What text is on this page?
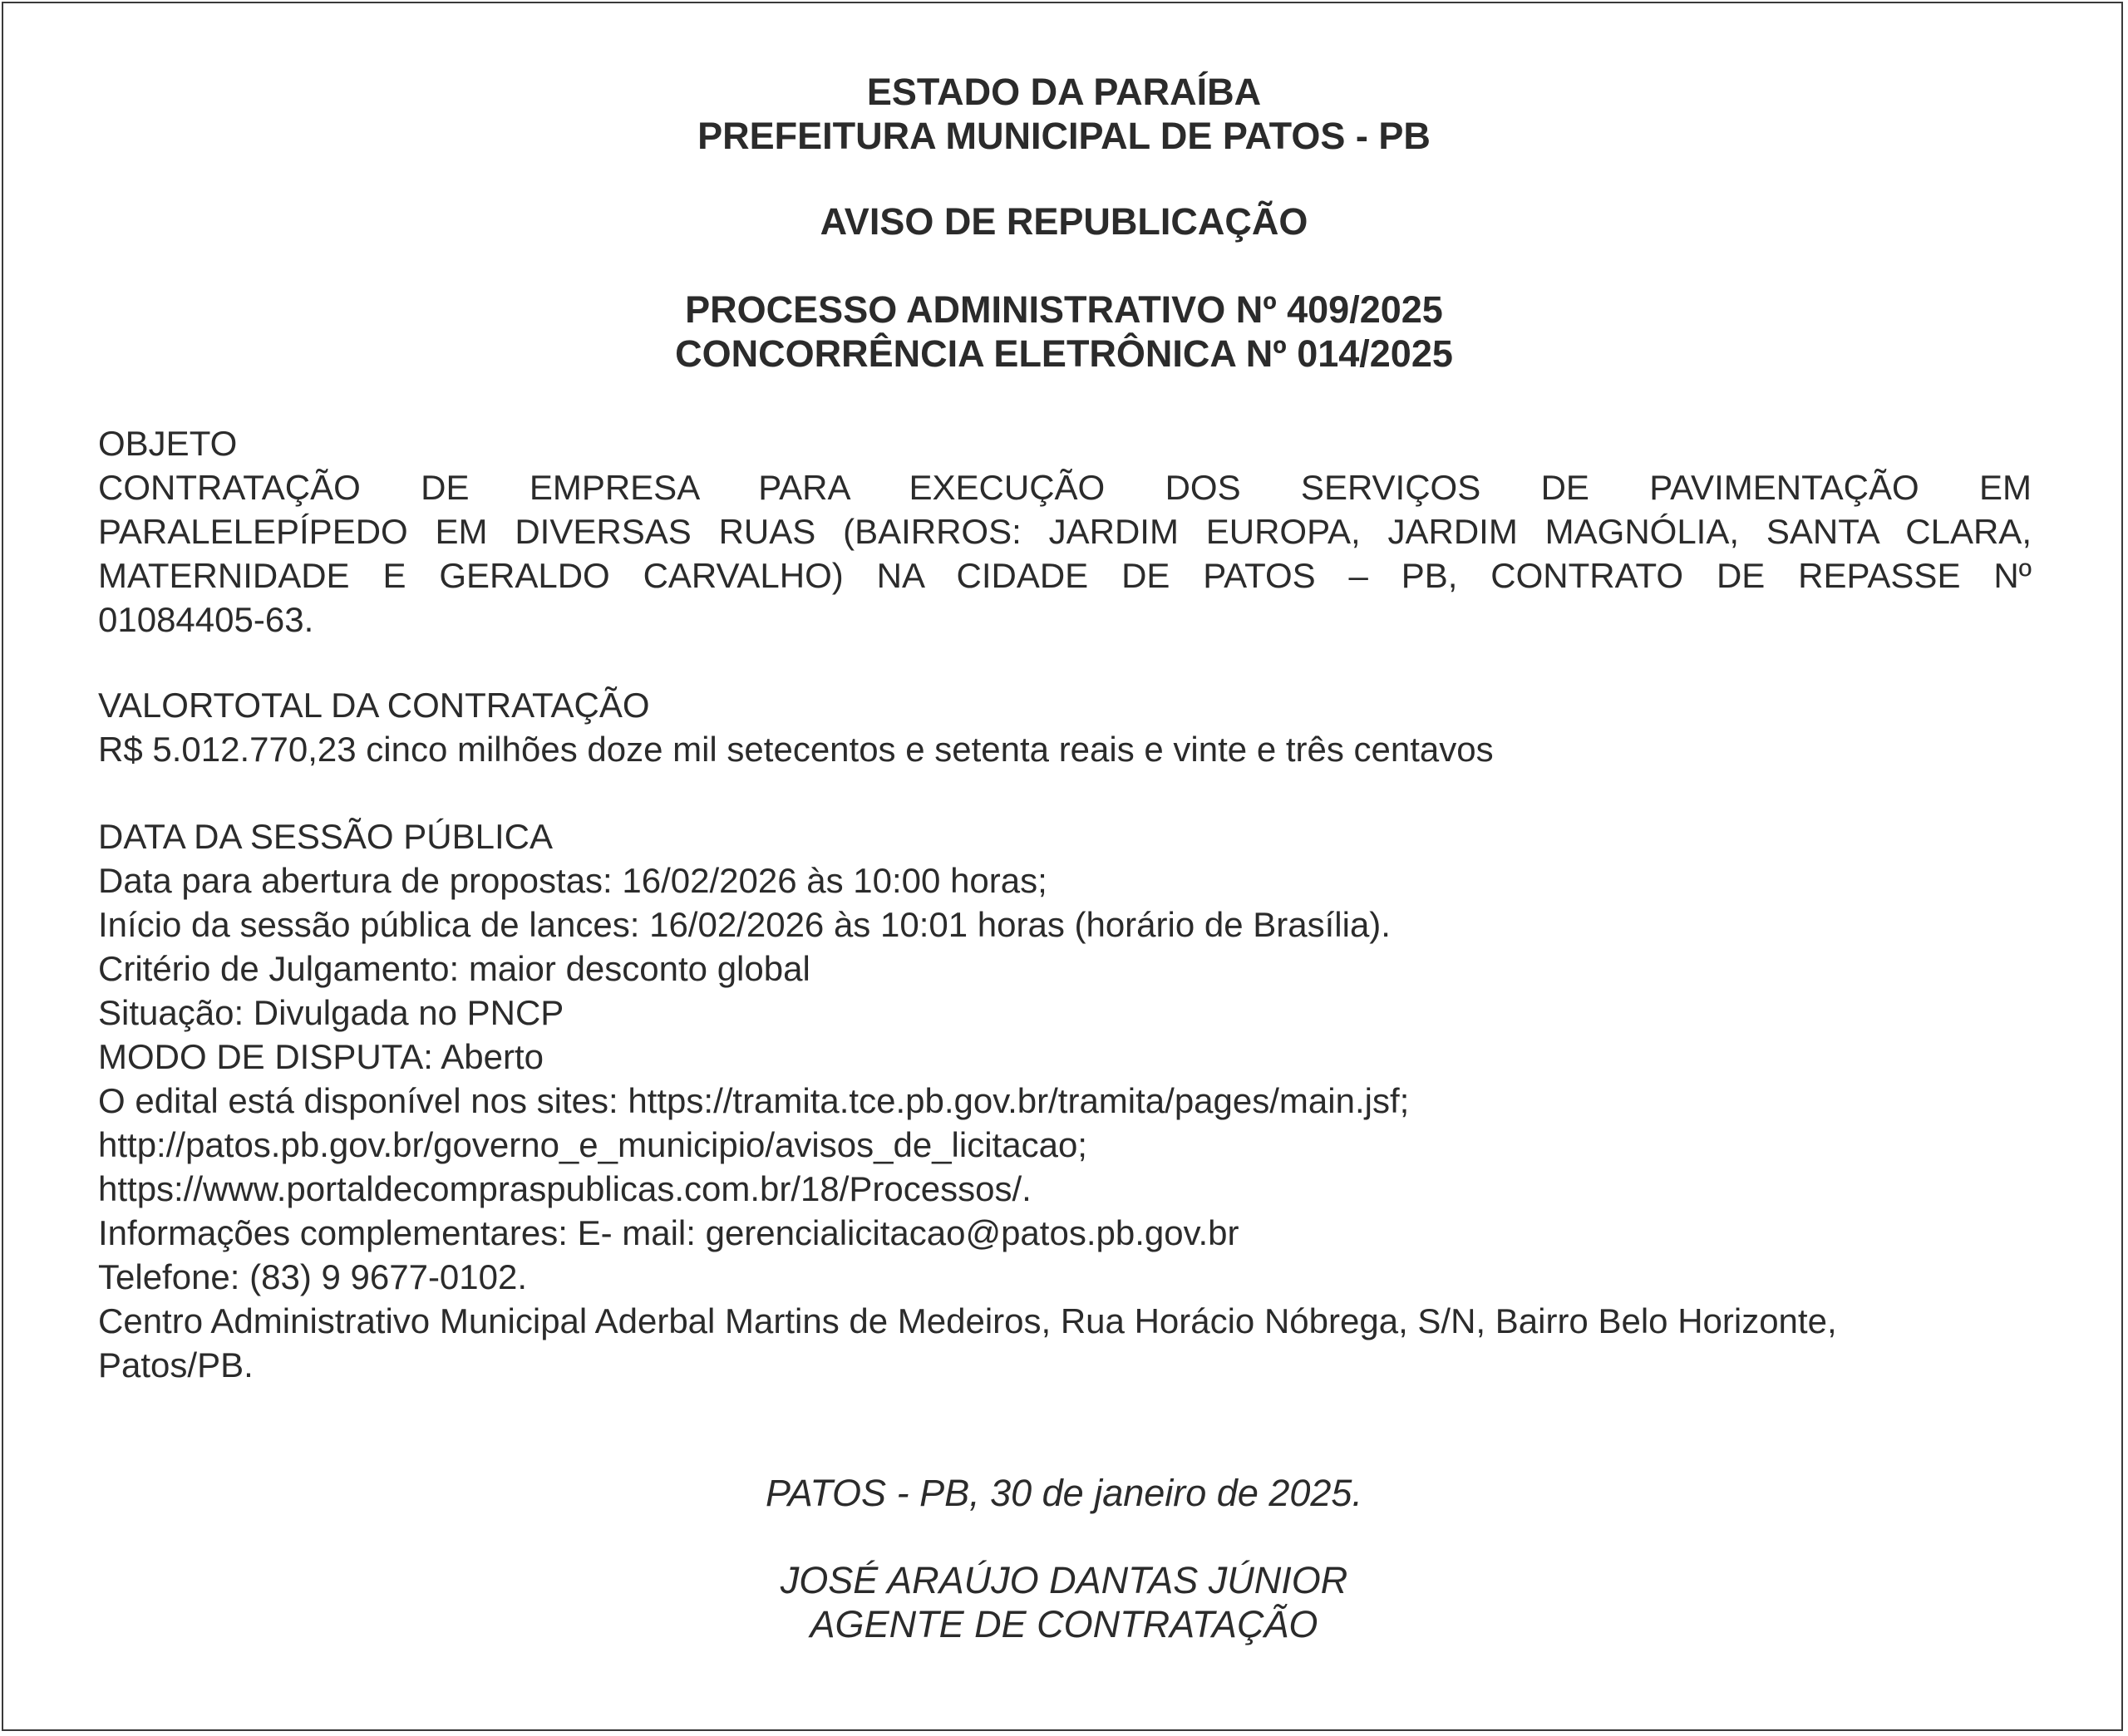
ESTADO DA PARAÍBA
PREFEITURA MUNICIPAL DE PATOS - PB
AVISO DE REPUBLICAÇÃO
PROCESSO ADMINISTRATIVO Nº 409/2025
CONCORRÊNCIA ELETRÔNICA Nº 014/2025
OBJETO
CONTRATAÇÃO DE EMPRESA PARA EXECUÇÃO DOS SERVIÇOS DE PAVIMENTAÇÃO EM
PARALELEPÍPEDO EM DIVERSAS RUAS (BAIRROS: JARDIM EUROPA, JARDIM MAGNÓLIA, SANTA CLARA,
MATERNIDADE E GERALDO CARVALHO) NA CIDADE DE PATOS – PB, CONTRATO DE REPASSE Nº
01084405-63.
VALORTOTAL DA CONTRATAÇÃO
R$ 5.012.770,23 cinco milhões doze mil setecentos e setenta reais e vinte e três centavos
DATA DA SESSÃO PÚBLICA
Data para abertura de propostas: 16/02/2026 às 10:00 horas;
Início da sessão pública de lances: 16/02/2026 às 10:01 horas (horário de Brasília).
Critério de Julgamento: maior desconto global
Situação: Divulgada no PNCP
MODO DE DISPUTA: Aberto
O edital está disponível nos sites: https://tramita.tce.pb.gov.br/tramita/pages/main.jsf;
http://patos.pb.gov.br/governo_e_municipio/avisos_de_licitacao;
https://www.portaldecompraspublicas.com.br/18/Processos/.
Informações complementares: E- mail: gerencialicitacao@patos.pb.gov.br
Telefone: (83) 9 9677-0102.
Centro Administrativo Municipal Aderbal Martins de Medeiros, Rua Horácio Nóbrega, S/N, Bairro Belo Horizonte,
Patos/PB.
PATOS - PB, 30 de janeiro de 2025.
JOSÉ ARAÚJO DANTAS JÚNIOR
AGENTE DE CONTRATAÇÃO
